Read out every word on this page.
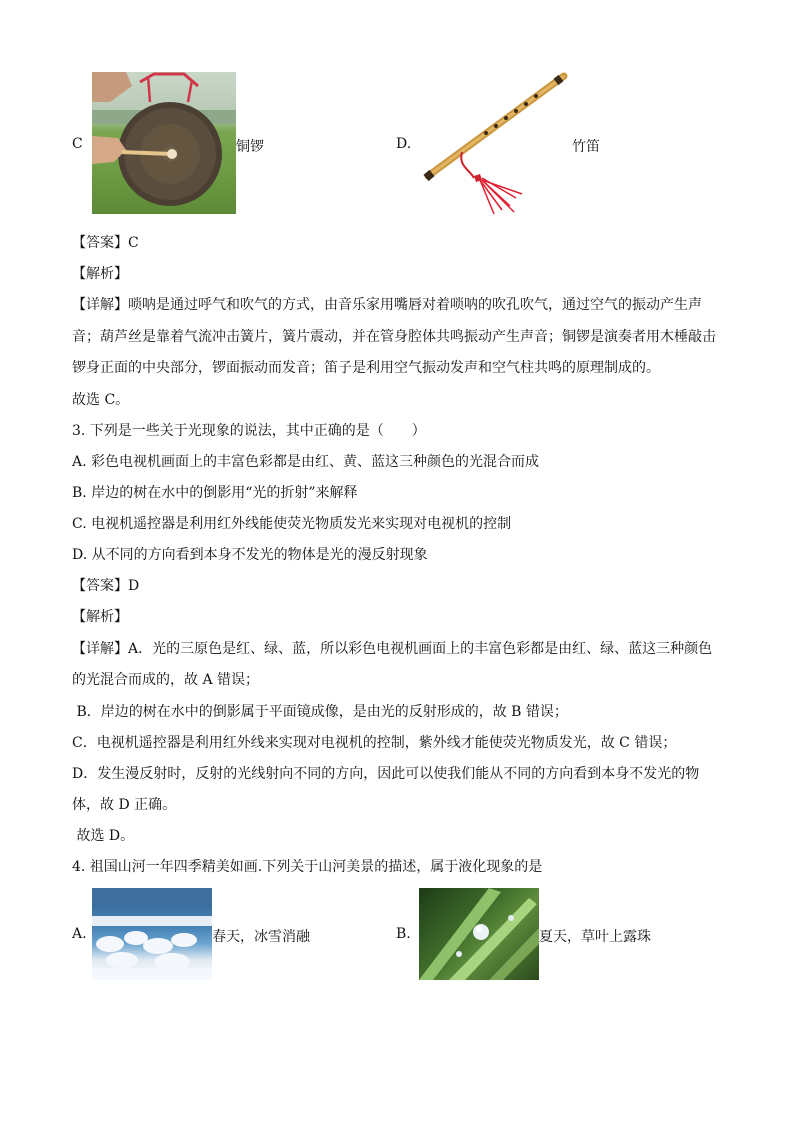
C	铜锣	D.	竹笛
【答案】C
【解析】
【详解】唢呐是通过呼气和吹气的方式，由音乐家用嘴唇对着唢呐的吹孔吹气，通过空气的振动产生声
音；葫芦丝是靠着气流冲击簧片，簧片震动，并在管身腔体共鸣振动产生声音；铜锣是演奏者用木棰敲击
锣身正面的中央部分，锣面振动而发音；笛子是利用空气振动发声和空气柱共鸣的原理制成的。
故选 C。
3. 下列是一些关于光现象的说法，其中正确的是（　　）
A. 彩色电视机画面上的丰富色彩都是由红、黄、蓝这三种颜色的光混合而成
B. 岸边的树在水中的倒影用“光的折射”来解释
C. 电视机遥控器是利用红外线能使荧光物质发光来实现对电视机的控制
D. 从不同的方向看到本身不发光的物体是光的漫反射现象
【答案】D
【解析】
【详解】A．光的三原色是红、绿、蓝，所以彩色电视机画面上的丰富色彩都是由红、绿、蓝这三种颜色
的光混合而成的，故 A 错误；
B．岸边的树在水中的倒影属于平面镜成像，是由光的反射形成的，故 B 错误；
C．电视机遥控器是利用红外线来实现对电视机的控制，紫外线才能使荧光物质发光，故 C 错误；
D．发生漫反射时，反射的光线射向不同的方向，因此可以使我们能从不同的方向看到本身不发光的物
体，故 D 正确。
故选 D。
4. 祖国山河一年四季精美如画.下列关于山河美景的描述，属于液化现象的是
A.	春天，冰雪消融	B.	夏天，草叶上露珠
